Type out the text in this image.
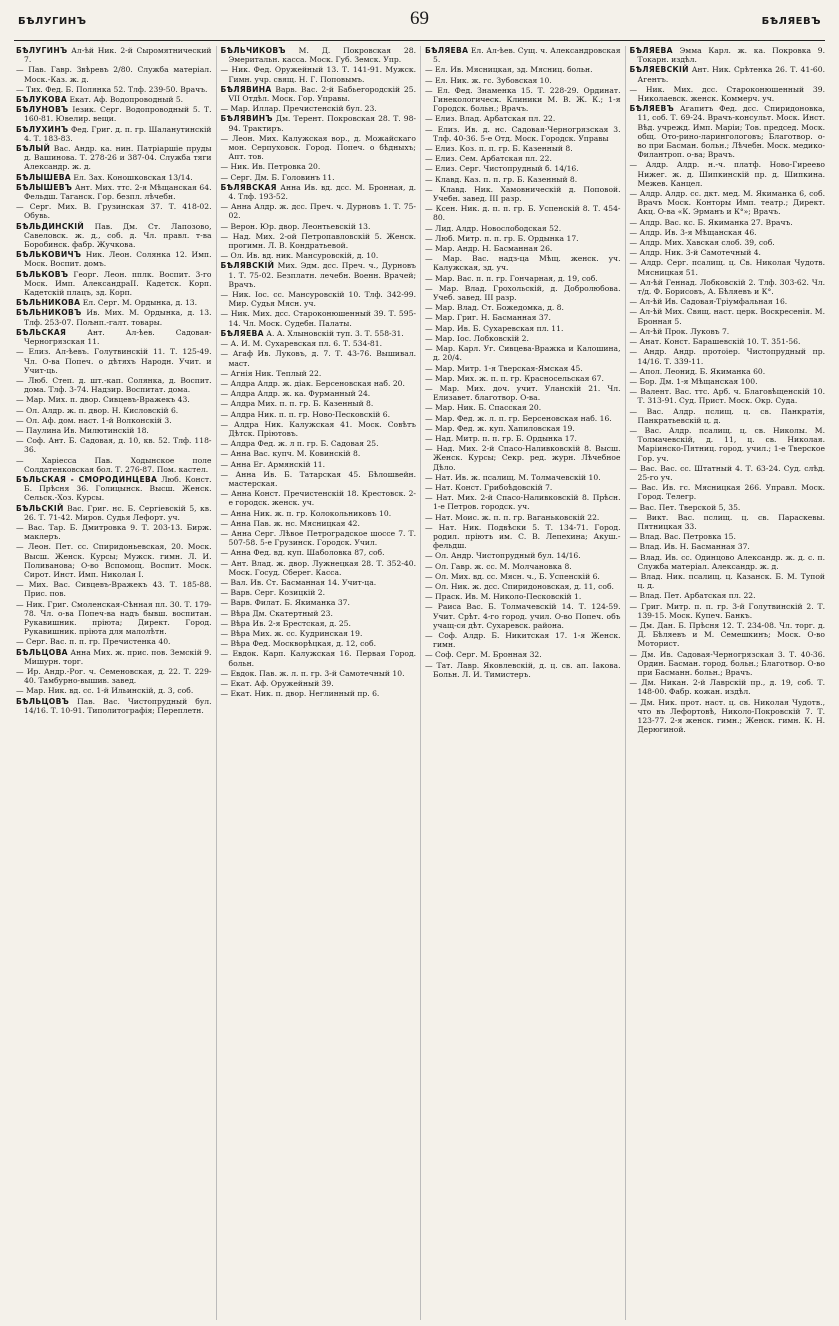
БѢЛУГИНЪ	69	БѢЛЯЕВЪ
БѢЛУГИНЪ Ал-ѣй Ник. 2-й Сыромятнический 7.
— Пав. Гавр. Звѣревъ 2/80. Служба матеріал. Моск.-Каз. ж. д.
— Тих. Фед. Б. Полянка 52. Тлф. 239-50. Врачъ.
БѢЛУКОВА Екат. Аф. Водопроводный 5.
БѢЛУНОВЪ Іезик. Серг. Водопроводный 5. Т. 160-81. Ювелир. вещи.
БѢЛУХИНЪ Фед. Григ. д. п. гр. Шаланутинскій 4. Т. 183-83.
БѢЛЫЙ Вас. Андр. ка. нин. Патріаршіе пруды д. Вашинова. Т. 278-26 и 387-04. Служба тяги Александр. ж. д.
БѢЛЫШЕВА Ел. Зах. Коношковская 13/14.
БѢЛЫШЕВЪ Ант. Мих. ттс. 2-я Мѣщанская 64. Фельдш. Таганск. Гор. безпл. лѣчебн.
— Серг. Мих. В. Грузинская 37. Т. 418-02. Обувь.
БѢЛЬДИНСКІЙ Пав. Дм. Ст. Лапозово, Савеловск. ж. д., соб. д. Чл. правл. т-ва Боробинск. фабр. Жучкова.
БѢЛЬКОВИЧЪ Ник. Леон. Солянка 12. Имп. Моск. Воспит. домъ.
БѢЛЬКОВЪ Георг. Леон. пплк. Воспит. 3-го Моск. Имп. АлександраII. Кадетск. Корп. Кадетскій плацъ, зд. Корп.
БѢЛЬНИКОВА Ел. Серг. М. Ордынка, д. 13.
БѢЛЬНИКОВЪ Ив. Мих. М. Ордынка, д. 13. Тлф. 253-07. Пољнп.-галт. товары.
БѢЛЬСКАЯ Ант. Ал-ѣев. Садовая-Черногрязская 11.
— Елиз. Ал-ѣевъ. Голутвинскій 11. Т. 125-49. Чл. О-ва Попеч. о дѣтяхъ Народн. Учит. и Учит-ць.
— Люб. Степ. д. шт.-кап. Солянка, д. Воспит. дома. Тлф. 3-74. Надзир. Воспитат. дома.
— Мар. Мих. п. двор. Сивцевъ-Вражекъ 43.
— Ол. Алдр. ж. п. двор. Н. Кисловскій 6.
— Ол. Аф. дом. наст. 1-й Волконскій 3.
— Паулина Ив. Милютинскій 18.
— Соф. Ант. Б. Садовая, д. 10, кв. 52. Тлф. 118-36.
— Харіесса Пав. Ходынское поле Солдатенковская бол. Т. 276-87. Пом. кастел.
БѢЛЬСКАЯ - СМОРОДИНЦЕВА Люб. Конст. Б. Прѣсня 36. Голицынск. Высш. Женск. Сельск.-Хоз. Курсы.
БѢЛЬСКІЙ Вас. Григ. нс. Б. Сергіевскій 5, кв. 26. Т. 71-42. Миров. Судья Лефорт. уч.
— Вас. Тар. Б. Дмитровка 9. Т. 203-13. Бирж. маклеръ.
— Леон. Пет. сс. Спиридоньевская, 20. Моск. Высш. Женск. Курсы; Мужск. гимн. Л. И. Поливанова; О-во Вспомощ. Воспит. Моск. Сирот. Инст. Имп. Николая I.
— Мих. Вас. Сивцевъ-Вражекъ 43. Т. 185-88. Прис. пов.
— Ник. Григ. Смоленская-Сѣнная пл. 30. Т. 179-78. Чл. о-ва Попеч-ва надъ бывш. воспитан. Рукавишник. пріюта; Директ. Город. Рукавишник. пріюта для малолѣтн.
— Серг. Вас. п. п. гр. Пречистенка 40.
БѢЛЬЦОВА Анна Мих. ж. прис. пов. Земскій 9. Мишурн. торг.
— Ир. Андр.-Рог. ч. Семеновская, д. 22. Т. 229-40. Тамбурно-вышив. завед.
— Мар. Ник. вд. сс. 1-й Ильинскій, д. 3, соб.
БѢЛЬЦОВЪ Пав. Вас. Чистопрудный бул. 14/16. Т. 10-91. Типолитографія; Переплетн.
БѢЛЬЧИКОВЪ М. Д. Покровская 28. Эмеритальн. касса. Моск. Губ. Земск. Упр.
— Ник. Фед. Оружейный 13. Т. 141-91. Мужск. Гимн. учр. свящ. Н. Г. Поповымъ.
БѢЛЯВИНА Варв. Вас. 2-й Бабьегородскій 25. VII Отдѣл. Моск. Гор. Управы.
— Мар. Иллар. Пречистенскій бул. 23.
БѢЛЯВИНЪ Дм. Терент. Покровская 28. Т. 98-94. Трактиръ.
— Леон. Мих. Калужская вор., д. Можайскаго мон. Серпуховск. Город. Попеч. о бѣдныхъ; Апт. тов.
— Ник. Ив. Петровка 20.
— Серг. Дм. Б. Головинъ 11.
БѢЛЯВСКАЯ Анна Ив. вд. дсс. М. Бронная, д. 4. Тлф. 193-52.
— Анна Алдр. ж. дсс. Преч. ч. Дурновъ 1. Т. 75-02.
— Верон. Юр. двор. Леонтьевскій 13.
— Над. Мих. 2-ой Петропавловскій 5. Женск. прогимн. Л. В. Кондратьевой.
— Ол. Ив. вд. ник. Мансуровскій, д. 10.
БѢЛЯВСКІЙ Мих. Эдм. дсс. Преч. ч., Дурновъ 1. Т. 75-02. Безплатн. лечебн. Военн. Врачей; Врачъ.
— Ник. Іос. сс. Мансуровскій 10. Тлф. 342-99. Мир. Судья Мясн. уч.
— Ник. Мих. дсс. Староконюшенный 39. Т. 595-14. Чл. Моск. Судебн. Палаты.
БѢЛЯЕВА А. А. Хлыновскій туп. 3. Т. 558-31.
— А. И. М. Сухаревская пл. 6. Т. 534-81.
— Агаф Ив. Луковъ, д. 7. Т. 43-76. Вышивал. маст.
— Агнія Ник. Теплый 22.
— Алдра Алдр. ж. дiак. Берсеновская наб. 20.
— Алдра Алдр. ж. ка. Фурманный 24.
— Алдра Мих. п. п. гр. Б. Казенный 8.
— Алдра Ник. п. п. гр. Новo-Песковскій 6.
— Алдра Ник. Калужская 41. Моск. Совѣтъ Дѣтск. Пріютовъ.
— Алдра Фед. ж. л п. гр. Б. Садовая 25.
— Анна Вас. купч. М. Ковинскій 8.
— Анна Ег. Армянскій 11.
— Анна Ив. Б. Татарская 45. Бѣлошвейн. мастерская.
— Анна Конст. Пречистенскій 18. Крестовск. 2-е городск. женск. уч.
— Анна Ник. ж. п. гр. Колокольниковъ 10.
— Анна Пав. ж. нс. Мясницкая 42.
— Анна Серг. Лѣвое Петроградское шоссе 7. Т. 507-58. 5-е Грузинск. Городск. Учил.
— Анна Фед. вд. куп. Шаболовка 87, соб.
— Ант. Влад. ж. двор. Лужнецкая 28. Т. 352-40. Моск. Госуд. Сберег. Касса.
— Вал. Ив. Ст. Басманная 14. Учит-ца.
— Варв. Серг. Козицкій 2.
— Варв. Филат. Б. Якиманка 37.
— Вѣра Дм. Скатертный 23.
— Вѣра Ив. 2-я Брестская, д. 25.
— Вѣра Мих. ж. сс. Кудринская 19.
— Вѣра Фед. Москворѣцкая, д. 12, соб.
— Евдок. Карп. Калужская 16. Первая Город. больн.
— Евдок. Пав. ж. л. п. гр. 3-й Самотечный 10.
— Екат. Аф. Оружейный 39.
— Екат. Ник. п. двор. Неглинный пр. 6.
БѢЛЯЕВА Ел. Ал-ѣев. Сущ. ч. Александровская 5.
— Ел. Ив. Мясницкая, зд. Мясниц. больн.
— Ел. Ник. ж. гс. Зубовская 10.
— Ел. Фед. Знаменка 15. Т. 228-29. Ординат. Гинекологическ. Клиники М. В. Ж. К.; 1-я Городск. больн.; Врачъ.
— Елиз. Влад. Арбатская пл. 22.
— Елиз. Ив. д. нс. Садовая-Черногрязская 3. Тлф. 40-36. 5-е Отд. Моск. Городск. Управы
— Елиз. Коз. п. п. гр. Б. Казенный 8.
— Елиз. Сем. Арбатская пл. 22.
— Елиз. Серг. Чистопрудный б. 14/16.
— Клавд. Каз. п. п. гр. Б. Казенный 8.
— Клавд. Ник. Хамовническій д. Поповой. Учебн. завед. III разр.
— Ксен. Ник. д. п. п. гр. Б. Успенскій 8. Т. 454-80.
— Лид. Алдр. Новослободская 52.
— Люб. Митр. п. п. гр. Б. Ордынка 17.
— Мар. Андр. Н. Басманная 26.
— Мар. Вас. надз-ца Мѣщ. женск. уч. Калужская, зд. уч.
— Мар. Вас. п. п. гр. Гончарная, д. 19, соб.
— Мар. Влад. Грохольскій, д. Добролюбова. Учеб. завед. III разр.
— Мар. Влад. Ст. Божедомка, д. 8.
— Мар. Григ. Н. Басманная 37.
— Мар. Ив. Б. Сухаревская пл. 11.
— Мар. Іос. Лобковскій 2.
— Мар. Карл. Уг. Сивцева-Вражка и Калошина, д. 20/4.
— Мар. Митр. 1-я Тверская-Ямская 45.
— Мар. Мих. ж. п. п. гр. Красносельская 67.
— Мар. Мих. доч. учит. Уланскій 21. Чл. Елизавет. благотвор. О-ва.
— Мар. Ник. Б. Спасская 20.
— Мар. Фед. ж. л. п. гр. Берсеновская наб. 16.
— Мар. Фед. ж. куп. Хапиловская 19.
— Над. Митр. п. п. гр. Б. Ордынка 17.
— Над. Мих. 2-й Спасо-Наливковскій 8. Высш. Женск. Курсы; Секр. ред. журн. Лѣчебное Дѣло.
— Нат. Ив. ж. псалищ. М. Толмачевскій 10.
— Нат. Конст. Грибоѣдовскій 7.
— Нат. Мих. 2-й Спасо-Наливковскій 8. Прѣсн. 1-е Петров. городск. уч.
— Нат. Моис. ж. п. п. гр. Ваганьковскій 22.
— Нат. Ник. Подвѣски 5. Т. 134-71. Город. родил. пріютъ им. С. В. Лепехина; Акуш.-фельдш.
— Ол. Андр. Чистопрудный бул. 14/16.
— Ол. Гавр. ж. сс. М. Молчановка 8.
— Ол. Мих. вд. сс. Мясн. ч., Б. Успенскій 6.
— Ол. Ник. ж. дсс. Спиридоновская, д. 11, соб.
— Праск. Ив. М. Николо-Песковскій 1.
— Раиса Вас. Б. Толмачевскій 14. Т. 124-59. Учит. Срѣт. 4-го город. учил. О-во Попеч. объ учащ-ся дѣт. Сухаревск. района.
— Соф. Алдр. Б. Никитская 17. 1-я Женск. гимн.
— Соф. Серг. М. Бронная 32.
— Тат. Лавр. Яковлевскій, д. ц. св. ап. Іакова. Больн. Л. И. Тимистеръ.
БѢЛЯЕВА Эмма Карл. ж. ка. Покровка 9. Токарн. издѣл.
БѢЛЯЕВСКІЙ Ант. Ник. Срѣтенка 26. Т. 41-60. Агентъ.
— Ник. Мих. дсс. Староконюшенный 39. Николаевск. женск. Коммерч. уч.
БѢЛЯЕВЪ Агапитъ Фед. дсс. Спиридоновка, 11, соб. Т. 69-24. Врачъ-консульт. Моск. Инст. Вѣд. учрежд. Имп. Маріи; Тов. председ. Моск. общ. Ото-рино-ларингологовъ; Благотвор. о-во при Басман. больн.; Лѣчебн. Моск. медико-Филантроп. о-ва; Врачъ.
— Алдр. Алдр. н.-ч. платф. Ново-Гиреево Нижег. ж. д. Шипкинскій пр. д. Шипкина. Межев. Канцел.
— Алдр. Алдр. сс. дкт. мед. М. Якиманка 6, соб. Врачъ Моск. Конторы Имп. театр.; Директ. Акц. О-ва «К. Эрманъ и К°»; Врачъ.
— Алдр. Вас. кс. Б. Якиманка 27. Врачъ.
— Алдр. Ив. 3-я Мѣщанская 46.
— Алдр. Мих. Хавская слоб. 39, соб.
— Алдр. Ник. 3-й Самотечный 4.
— Алдр. Серг. псалищ. ц. Св. Николая Чудотв. Мясницкая 51.
— Ал-ѣй Геннад. Лобковскій 2. Тлф. 303-62. Чл. т/д. Ф. Борисовъ, А. Бѣляевъ и К°.
— Ал-ѣй Ив. Садовая-Тріумфальная 16.
— Ал-ѣй Мих. Свящ. наст. церк. Воскресенія. М. Бронная 5.
— Ал-ѣй Прок. Луковъ 7.
— Анат. Конст. Барашевскій 10. Т. 351-56.
— Андр. Андр. протоіер. Чистопрудный пр. 14/16. Т. 339-11.
— Апол. Леонид. Б. Якиманка 60.
— Бор. Дм. 1-я Мѣщанская 100.
— Валент. Вас. ттс. Арб. ч. Благовѣщенскій 10. Т. 313-91. Суд. Прист. Моск. Окр. Суда.
— Вас. Алдр. пслищ. ц. св. Панкратія, Панкратьевскій ц. д.
— Вас. Алдр. псалищ. ц. св. Николы. М. Толмачевскій, д. 11, ц. св. Николая. Маріинско-Пятниц. город. учил.; 1-е Тверское Гор. уч.
— Вас. Вас. сс. Штатный 4. Т. 63-24. Суд. слѣд. 25-го уч.
— Вас. Ив. гс. Мясницкая 266. Управл. Моск. Город. Телегр.
— Вас. Пет. Тверской 5, 35.
— Викт. Вас. пслищ. ц. св. Параскевы. Пятницкая 33.
— Влад. Вас. Петровка 15.
— Влад. Ив. Н. Басманная 37.
— Влад. Ив. сс. Одинцово Александр. ж. д. с. п. Служба матеріал. Александр. ж. д.
— Влад. Ник. псалищ. ц. Казанск. Б. М. Тупой ц. д.
— Влад. Пет. Арбатская пл. 22.
— Григ. Митр. п. п. гр. 3-й Голутвинскій 2. Т. 139-15. Моск. Купеч. Банкъ.
— Дм. Дан. Б. Прѣсня 12. Т. 234-08. Чл. торг. д. Д. Бѣляевъ и М. Семешкинъ; Моск. О-во Моторист.
— Дм. Ив. Садовая-Черногрязская 3. Т. 40-36. Ордин. Басман. город. больн.; Благотвор. О-во при Басманн. больн.; Врачъ.
— Дм. Никан. 2-й Лаврскій пр., д. 19, соб. Т. 148-00. Фабр. кожан. издѣл.
— Дм. Ник. прот. наст. ц. св. Николая Чудотв., что въ Лефортовѣ, Николо-Покровскій 7. Т. 123-77. 2-я женск. гимн.; Женск. гимн. К. Н. Дерюгиной.
